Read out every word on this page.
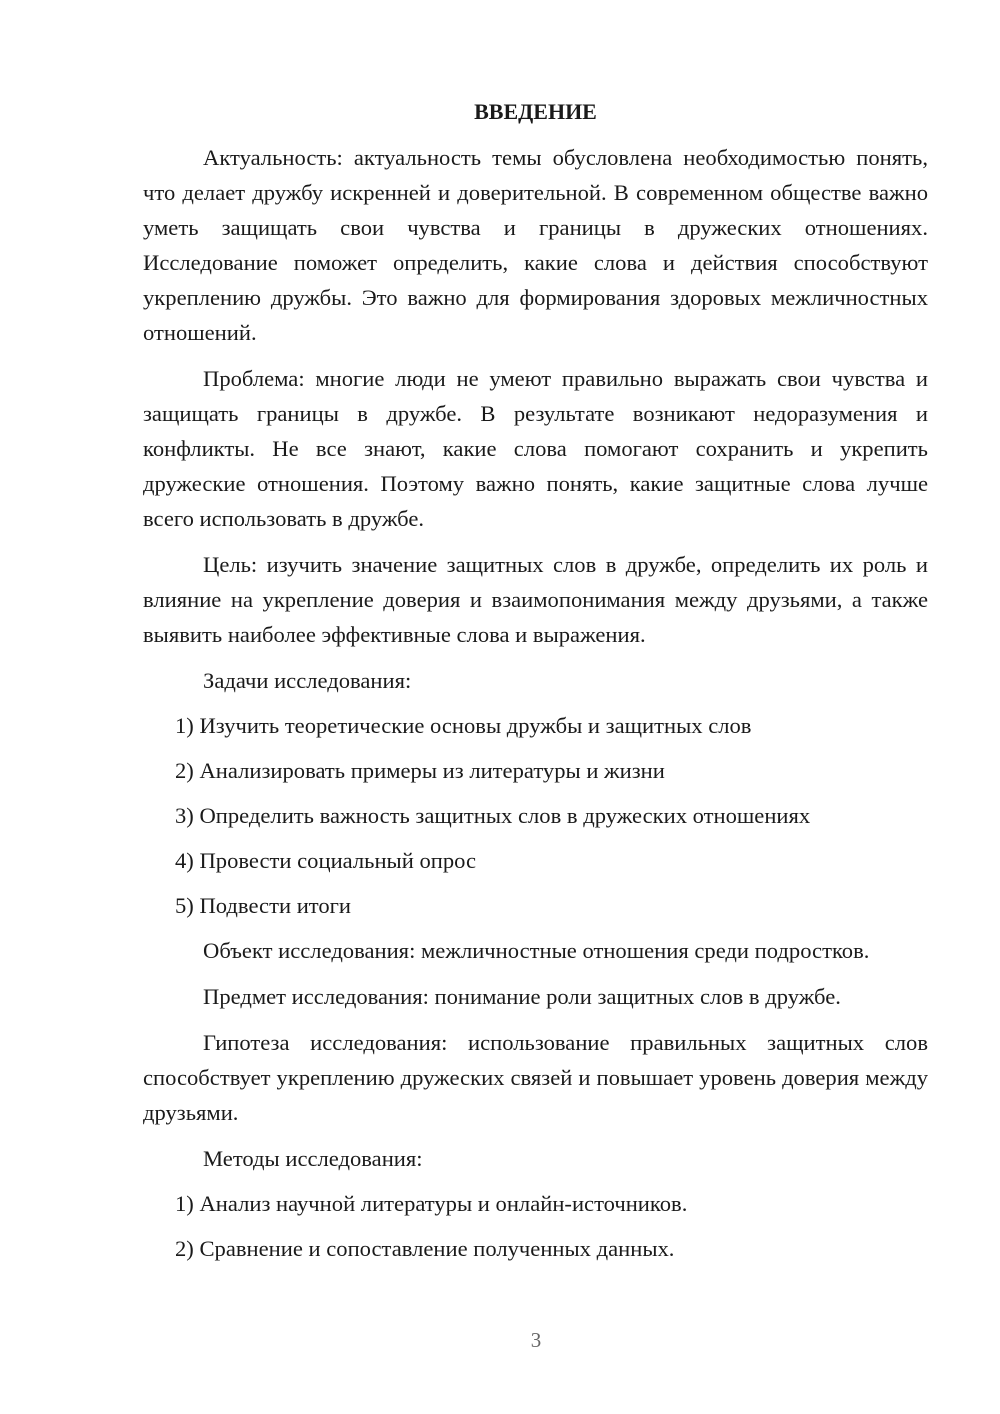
ВВЕДЕНИЕ

Актуальность: актуальность темы обусловлена необходимостью понять, что делает дружбу искренней и доверительной. В современном обществе важно уметь защищать свои чувства и границы в дружеских отношениях. Исследование поможет определить, какие слова и действия способствуют укреплению дружбы. Это важно для формирования здоровых межличностных отношений.

Проблема: многие люди не умеют правильно выражать свои чувства и защищать границы в дружбе. В результате возникают недоразумения и конфликты. Не все знают, какие слова помогают сохранить и укрепить дружеские отношения. Поэтому важно понять, какие защитные слова лучше всего использовать в дружбе.

Цель: изучить значение защитных слов в дружбе, определить их роль и влияние на укрепление доверия и взаимопонимания между друзьями, а также выявить наиболее эффективные слова и выражения.

Задачи исследования:

1) Изучить теоретические основы дружбы и защитных слов

2) Анализировать примеры из литературы и жизни

3) Определить важность защитных слов в дружеских отношениях

4) Провести социальный опрос

5) Подвести итоги

Объект исследования: межличностные отношения среди подростков.

Предмет исследования: понимание роли защитных слов в дружбе.

Гипотеза исследования: использование правильных защитных слов способствует укреплению дружеских связей и повышает уровень доверия между друзьями.

Методы исследования:

1) Анализ научной литературы и онлайн-источников.

2) Сравнение и сопоставление полученных данных.

3
